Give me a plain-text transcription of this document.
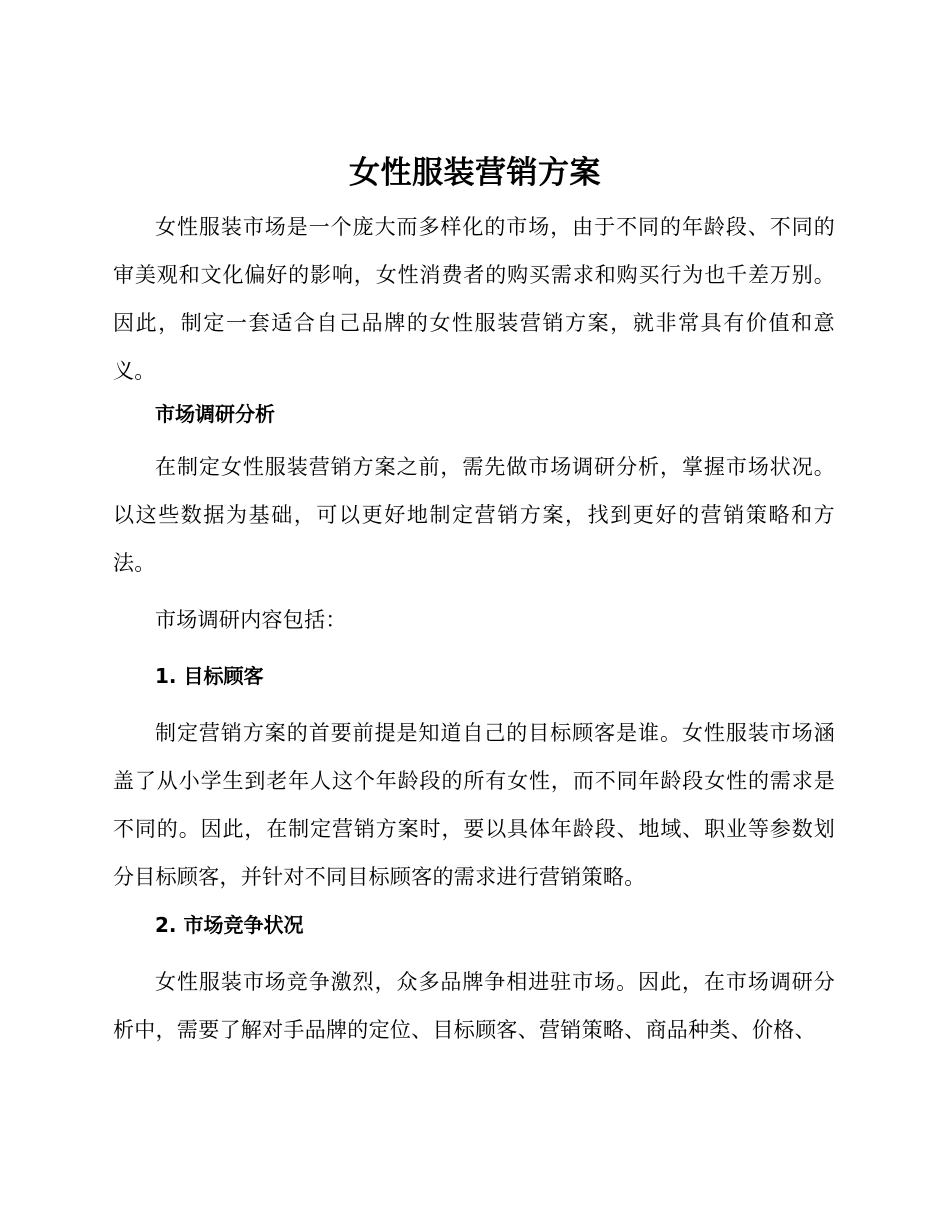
女性服装营销方案

女性服装市场是一个庞大而多样化的市场，由于不同的年龄段、不同的审美观和文化偏好的影响，女性消费者的购买需求和购买行为也千差万别。因此，制定一套适合自己品牌的女性服装营销方案，就非常具有价值和意义。

市场调研分析

在制定女性服装营销方案之前，需先做市场调研分析，掌握市场状况。以这些数据为基础，可以更好地制定营销方案，找到更好的营销策略和方法。

市场调研内容包括：

1. 目标顾客

制定营销方案的首要前提是知道自己的目标顾客是谁。女性服装市场涵盖了从小学生到老年人这个年龄段的所有女性，而不同年龄段女性的需求是不同的。因此，在制定营销方案时，要以具体年龄段、地域、职业等参数划分目标顾客，并针对不同目标顾客的需求进行营销策略。

2. 市场竞争状况

女性服装市场竞争激烈，众多品牌争相进驻市场。因此，在市场调研分析中，需要了解对手品牌的定位、目标顾客、营销策略、商品种类、价格、
